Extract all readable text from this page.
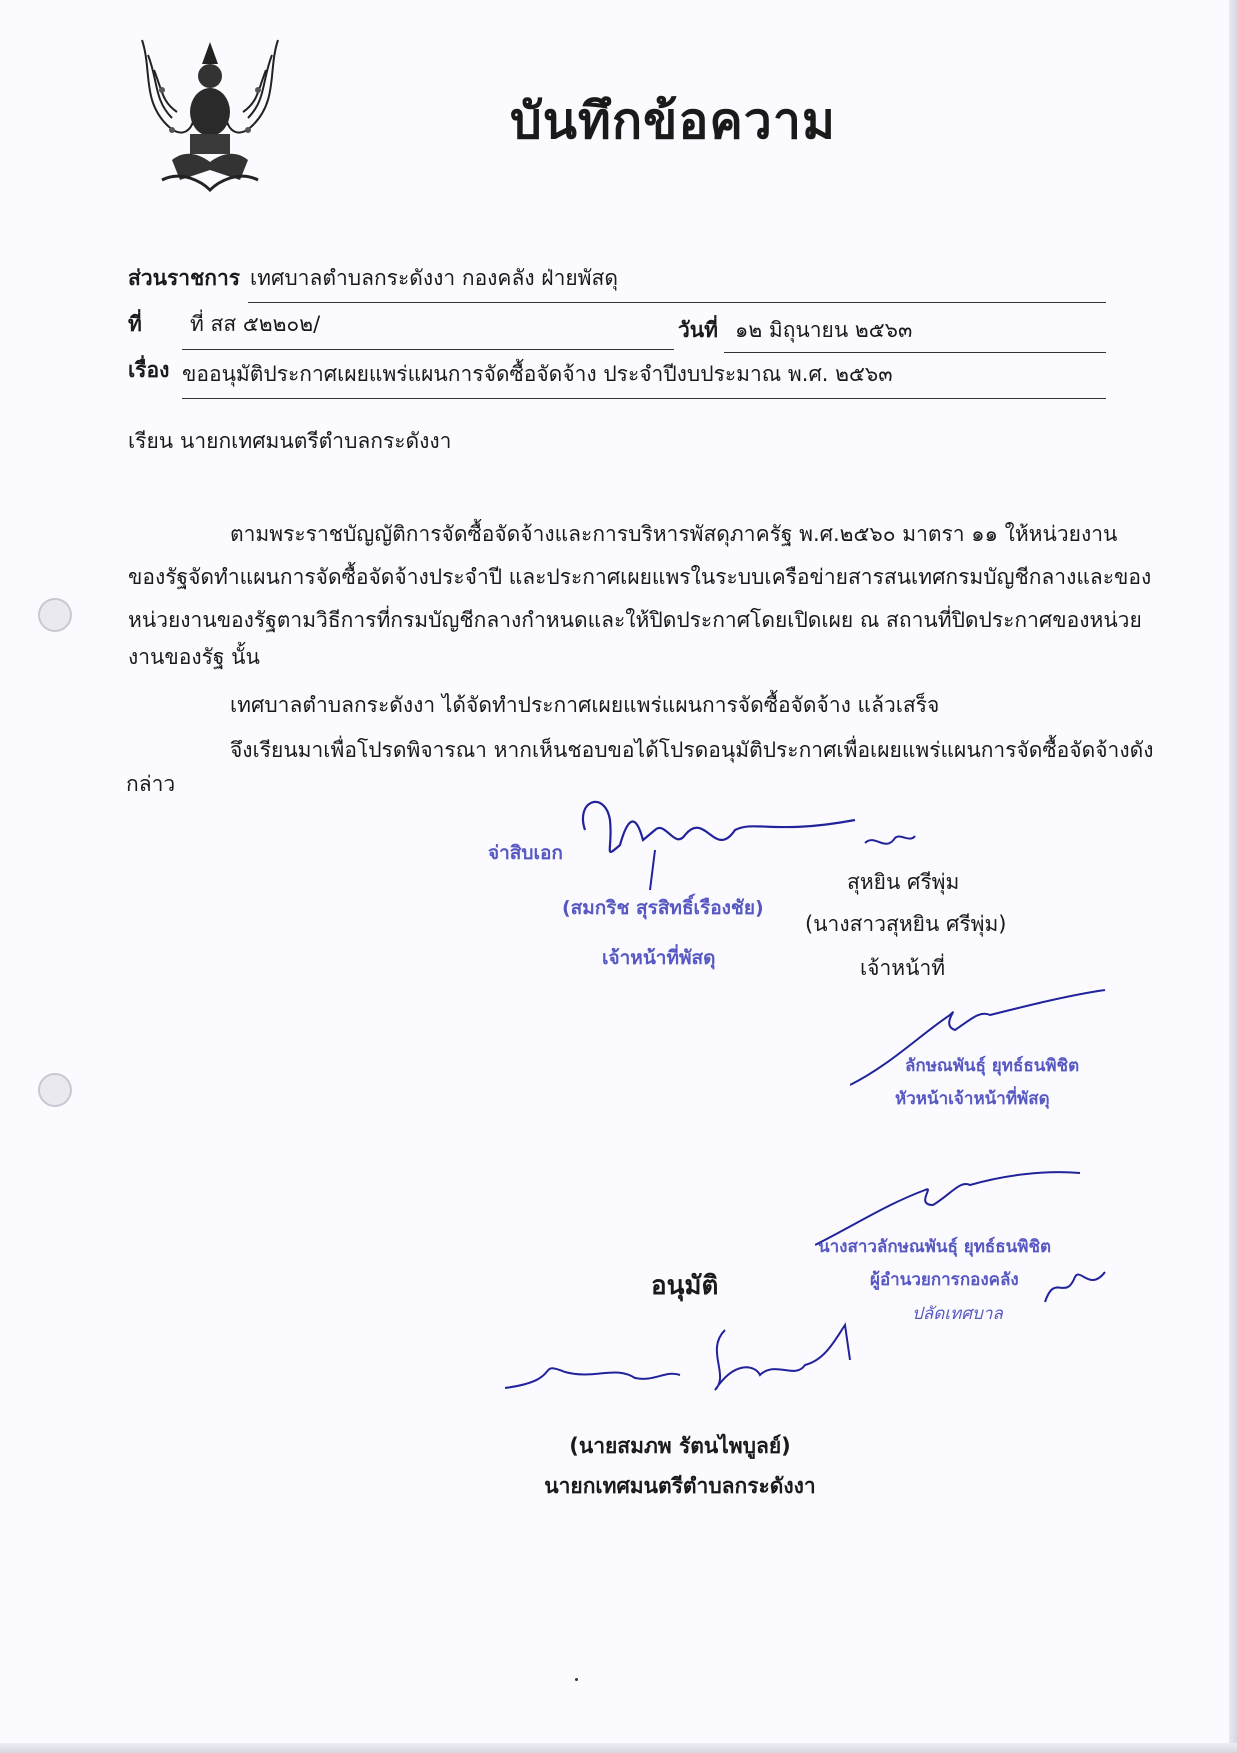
บันทึกข้อความ
ส่วนราชการ เทศบาลตำบลกระดังงา กองคลัง ฝ่ายพัสดุ
ที่ ที่ สส ๕๒๒๐๒/	วันที่ ๑๒ มิถุนายน ๒๕๖๓
เรื่อง ขออนุมัติประกาศเผยแพร่แผนการจัดซื้อจัดจ้าง ประจำปีงบประมาณ พ.ศ. ๒๕๖๓
เรียน นายกเทศมนตรีตำบลกระดังงา
ตามพระราชบัญญัติการจัดซื้อจัดจ้างและการบริหารพัสดุภาครัฐ พ.ศ.๒๕๖๐ มาตรา ๑๑ ให้หน่วยงาน
ของรัฐจัดทำแผนการจัดซื้อจัดจ้างประจำปี และประกาศเผยแพรในระบบเครือข่ายสารสนเทศกรมบัญชีกลางและของ
หน่วยงานของรัฐตามวิธีการที่กรมบัญชีกลางกำหนดและให้ปิดประกาศโดยเปิดเผย ณ สถานที่ปิดประกาศของหน่วย
งานของรัฐ นั้น
เทศบาลตำบลกระดังงา ได้จัดทำประกาศเผยแพร่แผนการจัดซื้อจัดจ้าง แล้วเสร็จ
จึงเรียนมาเพื่อโปรดพิจารณา หากเห็นชอบขอได้โปรดอนุมัติประกาศเพื่อเผยแพร่แผนการจัดซื้อจัดจ้างดัง
กล่าว
จ่าสิบเอก
(สมกริช สุรสิทธิ์เรืองชัย)
เจ้าหน้าที่พัสดุ
สุหยิน ศรีพุ่ม
(นางสาวสุหยิน ศรีพุ่ม)
เจ้าหน้าที่
ลักษณพันธุ์ ยุทธ์ธนพิชิต
หัวหน้าเจ้าหน้าที่พัสดุ
นางสาวลักษณพันธุ์ ยุทธ์ธนพิชิต
ผู้อำนวยการกองคลัง
ปลัดเทศบาล
อนุมัติ
(นายสมภพ รัตนไพบูลย์)
นายกเทศมนตรีตำบลกระดังงา
